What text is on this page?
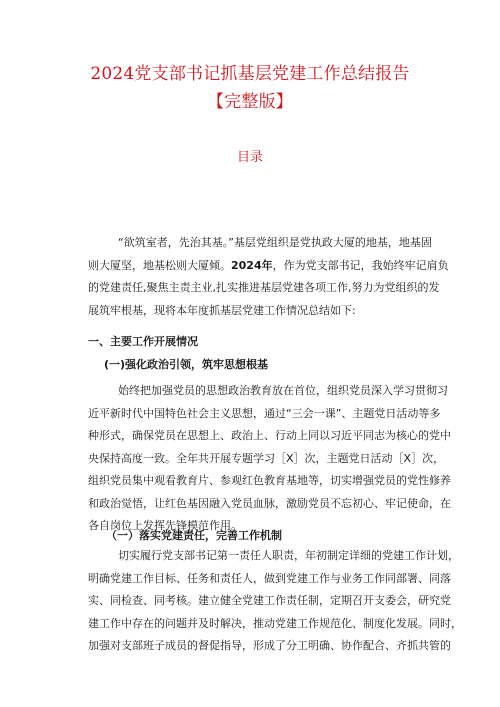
2024党支部书记抓基层党建工作总结报告
【完整版】
目录
“欲筑室者，先治其基。”基层党组织是党执政大厦的地基，地基固
则大厦坚，地基松则大厦倾。2024年，作为党支部书记，我始终牢记肩负
的党建责任,聚焦主责主业,扎实推进基层党建各项工作,努力为党组织的发
展筑牢根基，现将本年度抓基层党建工作情况总结如下:
一、主要工作开展情况
(一)强化政治引领，筑牢思想根基
始终把加强党员的思想政治教育放在首位，组织党员深入学习贯彻习
近平新时代中国特色社会主义思想，通过“三会一课”、主题党日活动等多
种形式，确保党员在思想上、政治上、行动上同以习近平同志为核心的党中
央保持高度一致。全年共开展专题学习［X］次，主题党日活动［X］次，
组织党员集中观看教育片、参观红色教育基地等，切实增强党员的党性修养
和政治觉悟，让红色基因融入党员血脉，激励党员不忘初心、牢记使命，在
各自岗位上发挥先锋模范作用。
（一）落实党建责任，完善工作机制
切实履行党支部书记第一责任人职责，年初制定详细的党建工作计划，
明确党建工作目标、任务和责任人，做到党建工作与业务工作同部署、同落
实、同检查、同考核。建立健全党建工作责任制，定期召开支委会，研究党
建工作中存在的问题并及时解决，推动党建工作规范化、制度化发展。同时，
加强对支部班子成员的督促指导，形成了分工明确、协作配合、齐抓共管的
